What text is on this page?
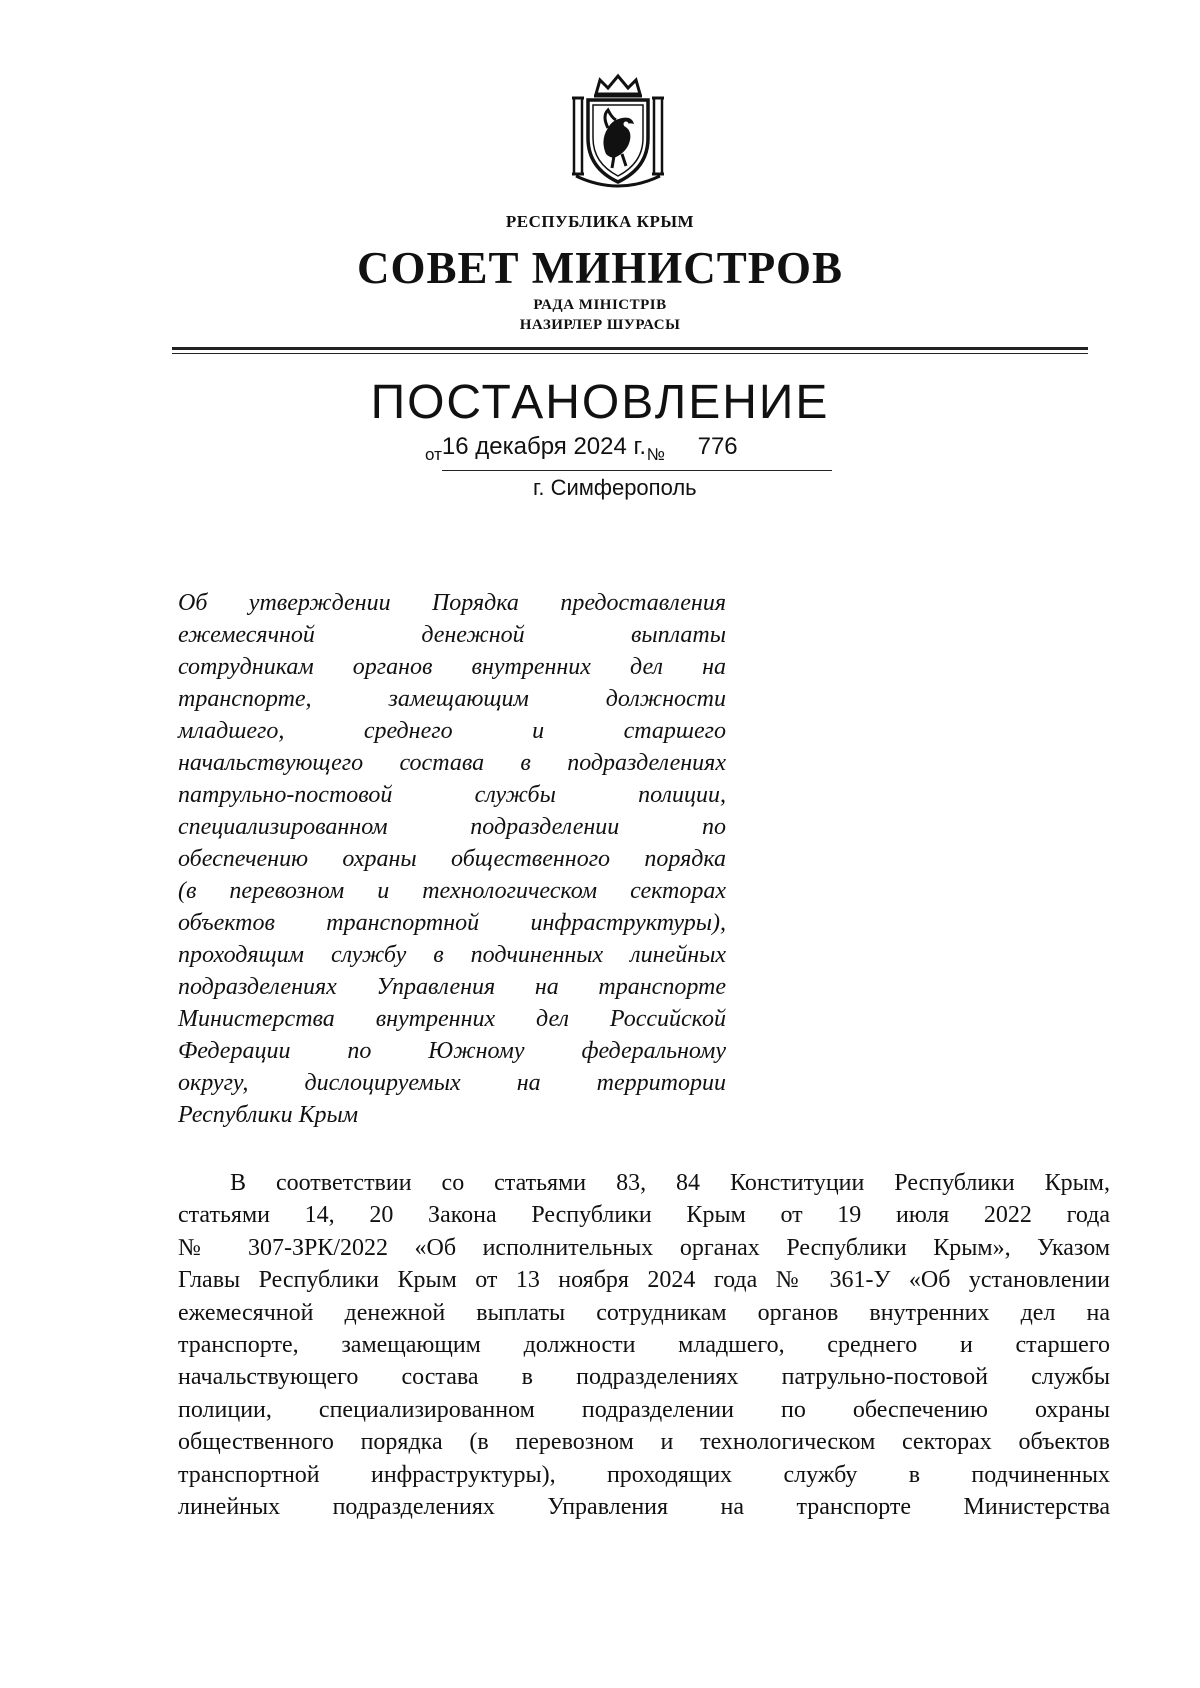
РЕСПУБЛИКА КРЫМ
СОВЕТ МИНИСТРОВ
РАДА МІНІСТРІВ
НАЗИРЛЕР ШУРАСЫ
ПОСТАНОВЛЕНИЕ
$_{от}$16 декабря 2024 г. $_№$ 776
г. Симферополь
Об утверждении Порядка предоставления
ежемесячной денежной выплаты
сотрудникам органов внутренних дел на
транспорте, замещающим должности
младшего, среднего и старшего
начальствующего состава в подразделениях
патрульно-постовой службы полиции,
специализированном подразделении по
обеспечению охраны общественного порядка
(в перевозном и технологическом секторах
объектов транспортной инфраструктуры),
проходящим службу в подчиненных линейных
подразделениях Управления на транспорте
Министерства внутренних дел Российской
Федерации по Южному федеральному
округу, дислоцируемых на территории
Республики Крым
В соответствии со статьями 83, 84 Конституции Республики Крым,
статьями 14, 20 Закона Республики Крым от 19 июля 2022 года
№ 307-ЗРК/2022 «Об исполнительных органах Республики Крым», Указом
Главы Республики Крым от 13 ноября 2024 года № 361-У «Об установлении
ежемесячной денежной выплаты сотрудникам органов внутренних дел на
транспорте, замещающим должности младшего, среднего и старшего
начальствующего состава в подразделениях патрульно-постовой службы
полиции, специализированном подразделении по обеспечению охраны
общественного порядка (в перевозном и технологическом секторах объектов
транспортной инфраструктуры), проходящих службу в подчиненных
линейных подразделениях Управления на транспорте Министерства
